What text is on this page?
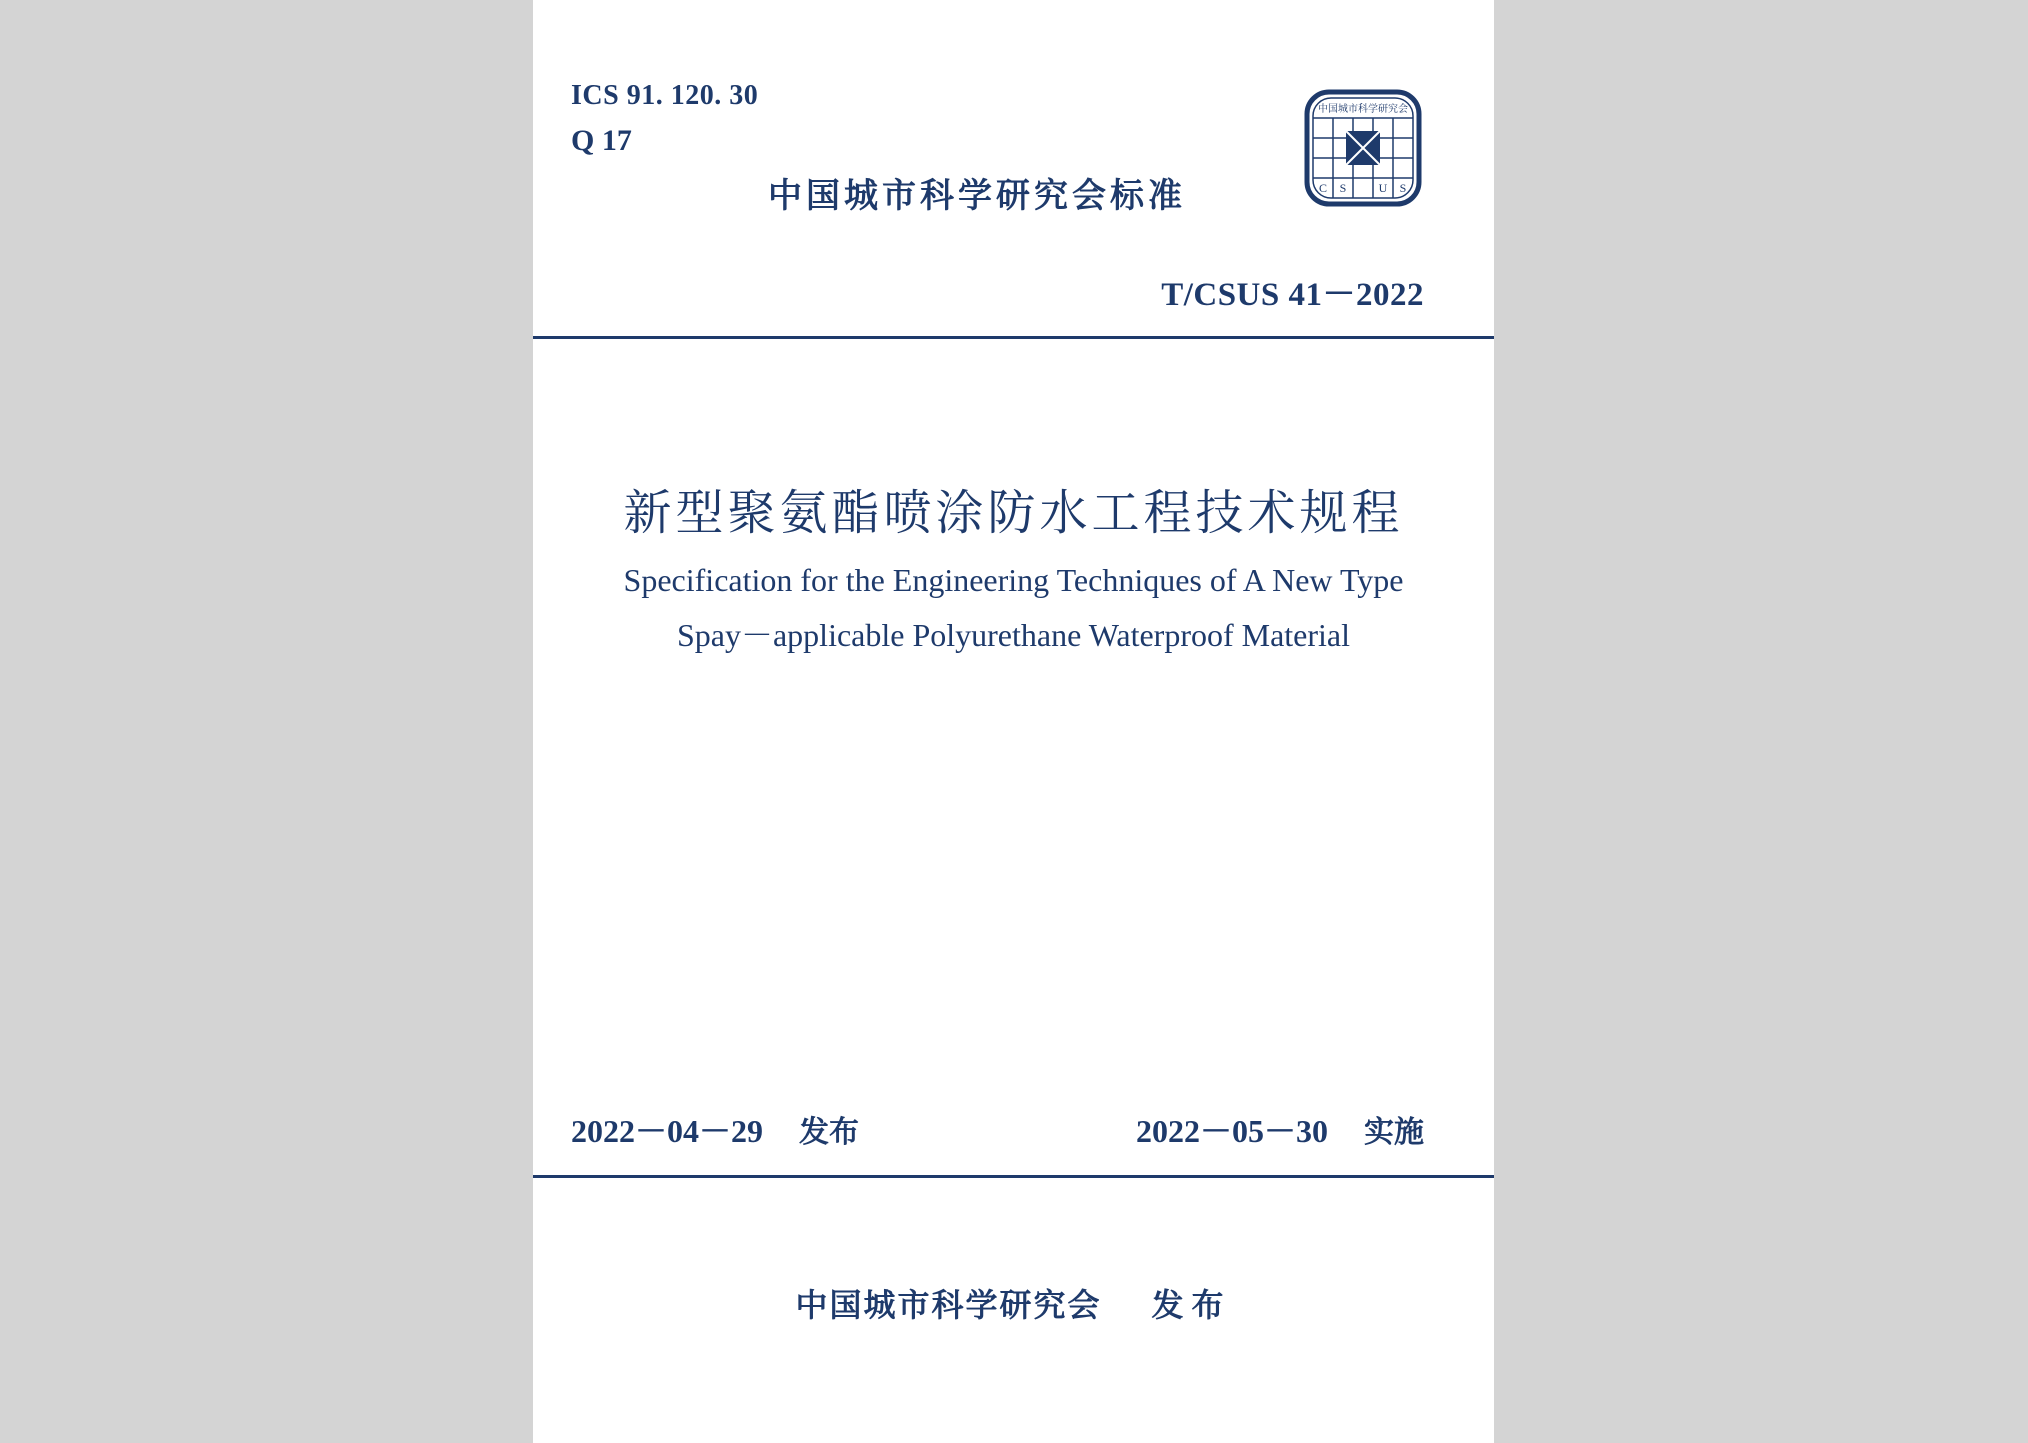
ICS 91. 120. 30
Q 17
中国城市科学研究会标准
中国城市科学研究会
C S	U S
T/CSUS 41－2022
新型聚氨酯喷涂防水工程技术规程
Specification for the Engineering Techniques of A New Type
Spay－applicable Polyurethane Waterproof Material
2022－04－29 发布	2022－05－30 实施
中国城市科学研究会 发布
